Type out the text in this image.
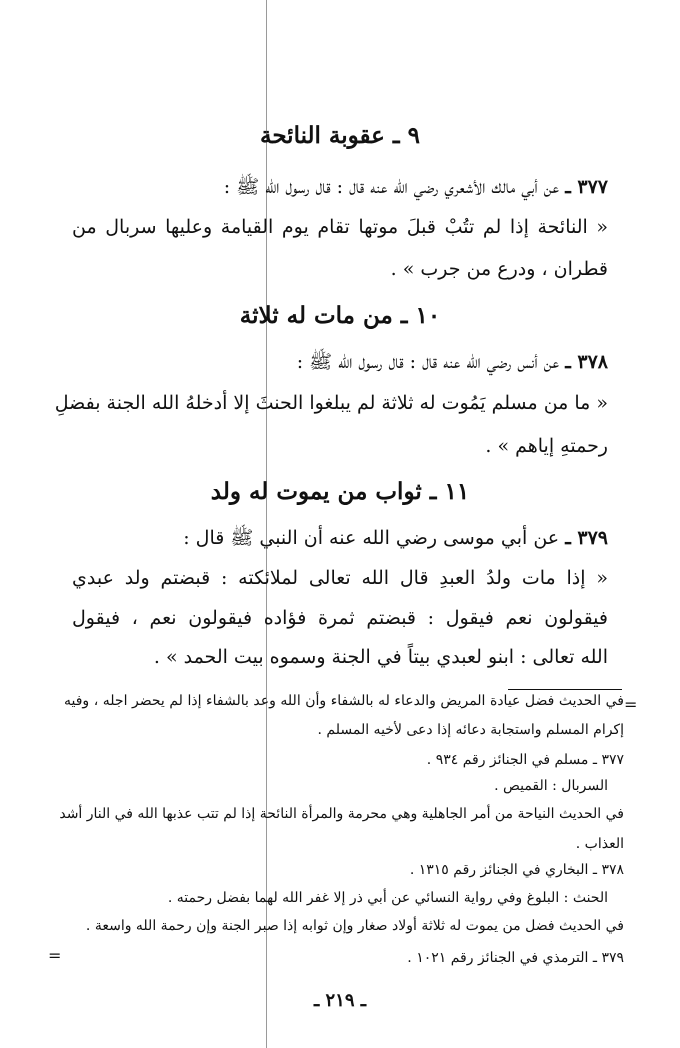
٩ ـ عقوبة النائحة
٣٧٧ ـ عن أبي مالك الأشعري رضي الله عنه قال : قال رسول الله ﷺ :
« النائحة إذا لم تتُبْ قبلَ موتها تقام يوم القيامة وعليها سربال من
قطران ، ودرع من جرب » .
١٠ ـ من مات له ثلاثة
٣٧٨ ـ عن أنس رضي الله عنه قال : قال رسول الله ﷺ :
« ما من مسلم يَمُوت له ثلاثة لم يبلغوا الحنثَ إلا أدخلهُ الله الجنة بفضلِ
رحمتهِ إياهم » .
١١ ـ ثواب من يموت له ولد
٣٧٩ ـ عن أبي موسى رضي الله عنه أن النبي ﷺ قال :
« إذا مات ولدُ العبدِ قال الله تعالى لملائكته : قبضتم ولد عبدي
فيقولون نعم فيقول : قبضتم ثمرة فؤاده فيقولون نعم ، فيقول
الله تعالى : ابنو لعبدي بيتاً في الجنة وسموه بيت الحمد » .
=
في الحديث فضل عيادة المريض والدعاء له بالشفاء وأن الله وعد بالشفاء إذا لم يحضر اجله ، وفيه
إكرام المسلم واستجابة دعائه إذا دعى لأخيه المسلم .
٣٧٧ ـ مسلم في الجنائز رقم ٩٣٤ .
السربال : القميص .
في الحديث النياحة من أمر الجاهلية وهي محرمة والمرأة النائحة إذا لم تتب عذبها الله في النار أشد
العذاب .
٣٧٨ ـ البخاري في الجنائز رقم ١٣١٥ .
الحنث : البلوغ وفي رواية النسائي عن أبي ذر إلا غفر الله لهما بفضل رحمته .
في الحديث فضل من يموت له ثلاثة أولاد صغار وإن ثوابه إذا صبر الجنة وإن رحمة الله واسعة .
=	٣٧٩ ـ الترمذي في الجنائز رقم ١٠٢١ .
ـ ٢١٩ ـ
